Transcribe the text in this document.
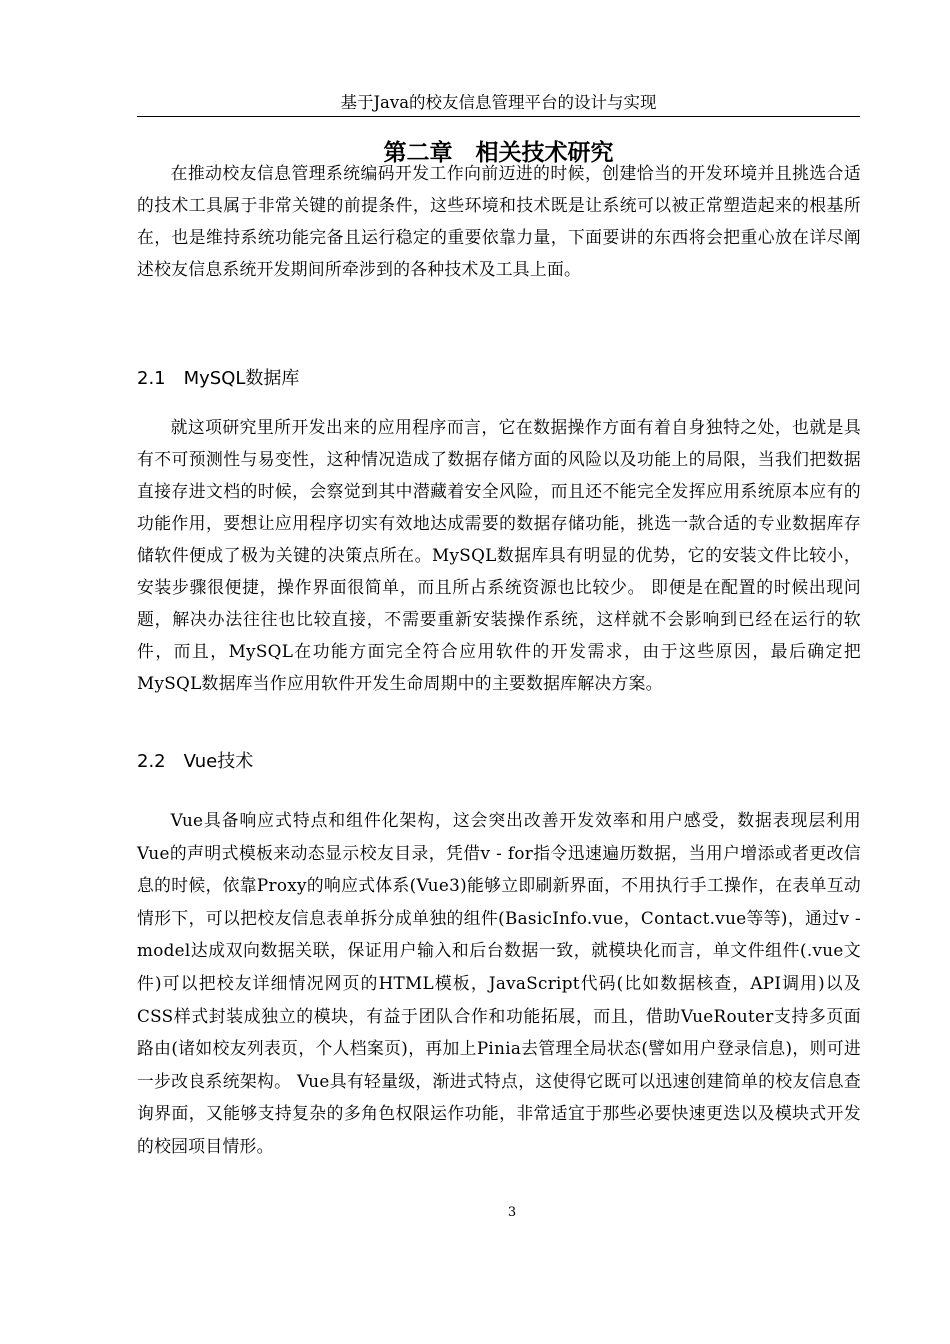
基于Java的校友信息管理平台的设计与实现
第二章　相关技术研究

在推动校友信息管理系统编码开发工作向前迈进的时候，创建恰当的开发环境并且挑选合适的技术工具属于非常关键的前提条件，这些环境和技术既是让系统可以被正常塑造起来的根基所在，也是维持系统功能完备且运行稳定的重要依靠力量，下面要讲的东西将会把重心放在详尽阐述校友信息系统开发期间所牵涉到的各种技术及工具上面。

2.1　MySQL数据库

就这项研究里所开发出来的应用程序而言，它在数据操作方面有着自身独特之处，也就是具有不可预测性与易变性，这种情况造成了数据存储方面的风险以及功能上的局限，当我们把数据直接存进文档的时候，会察觉到其中潜藏着安全风险，而且还不能完全发挥应用系统原本应有的功能作用，要想让应用程序切实有效地达成需要的数据存储功能，挑选一款合适的专业数据库存储软件便成了极为关键的决策点所在。MySQL数据库具有明显的优势，它的安装文件比较小，安装步骤很便捷，操作界面很简单，而且所占系统资源也比较少。 即便是在配置的时候出现问题，解决办法往往也比较直接，不需要重新安装操作系统，这样就不会影响到已经在运行的软件，而且，MySQL在功能方面完全符合应用软件的开发需求，由于这些原因，最后确定把MySQL数据库当作应用软件开发生命周期中的主要数据库解决方案。

2.2　Vue技术

Vue具备响应式特点和组件化架构，这会突出改善开发效率和用户感受，数据表现层利用Vue的声明式模板来动态显示校友目录，凭借v - for指令迅速遍历数据，当用户增添或者更改信息的时候，依靠Proxy的响应式体系(Vue3)能够立即刷新界面，不用执行手工操作，在表单互动情形下，可以把校友信息表单拆分成单独的组件(BasicInfo.vue，Contact.vue等等)，通过v - model达成双向数据关联，保证用户输入和后台数据一致，就模块化而言，单文件组件(.vue文件)可以把校友详细情况网页的HTML模板，JavaScript代码(比如数据核查，API调用)以及CSS样式封装成独立的模块，有益于团队合作和功能拓展，而且，借助VueRouter支持多页面路由(诸如校友列表页，个人档案页)，再加上Pinia去管理全局状态(譬如用户登录信息)，则可进一步改良系统架构。 Vue具有轻量级，渐进式特点，这使得它既可以迅速创建简单的校友信息查询界面，又能够支持复杂的多角色权限运作功能，非常适宜于那些必要快速更迭以及模块式开发的校园项目情形。

3
